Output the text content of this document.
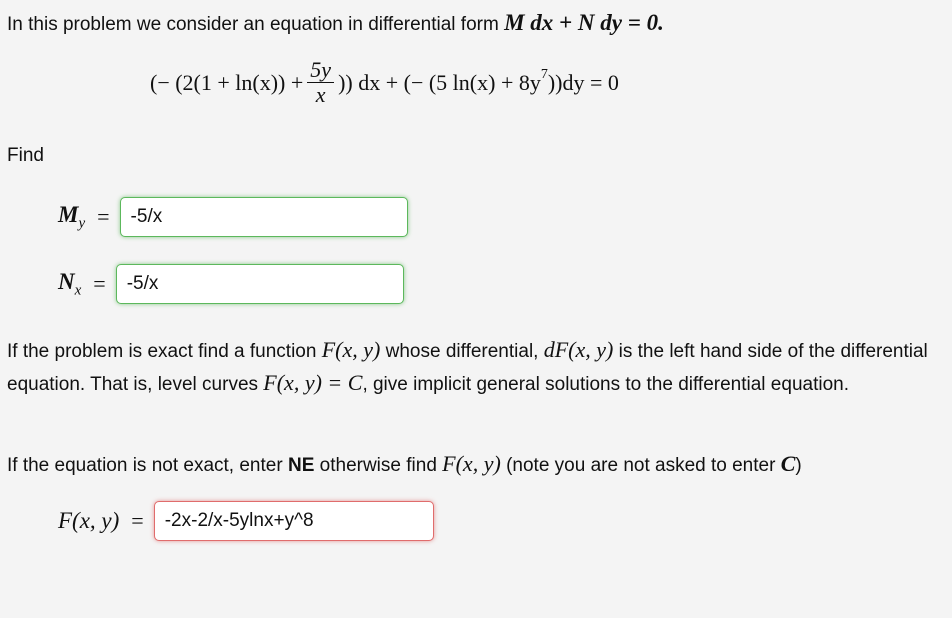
In this problem we consider an equation in differential form M dx + N dy = 0.
(− ($2(1 + \ln(x)) + \frac{5y}{x}$ )) dx + (− (5 $\ln(x) + 8y^7$ ))dy = 0
Find
$M_y$ =	-5/x
$N_x$ =	-5/x
If the problem is exact find a function F(x, y) whose differential, dF(x, y) is the left hand side of the differential equation. That is, level curves F(x, y) = C, give implicit general solutions to the differential equation.
If the equation is not exact, enter NE otherwise find F(x, y) (note you are not asked to enter C)
F(x, y) =	-2x-2/x-5ylnx+y^8
